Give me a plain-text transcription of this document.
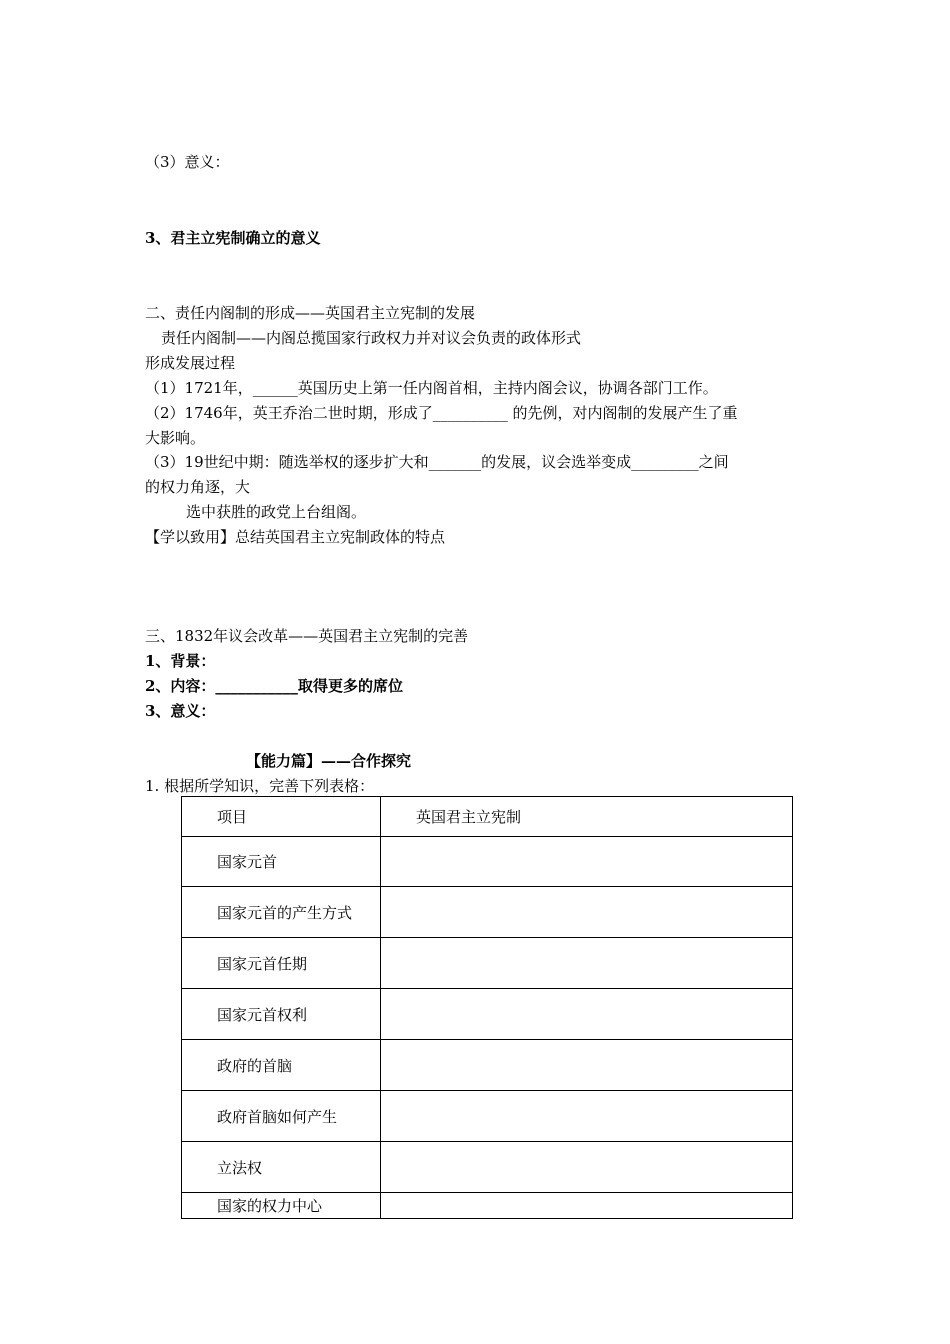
（3）意义：
3、君主立宪制确立的意义
二、责任内阁制的形成——英国君主立宪制的发展
责任内阁制——内阁总揽国家行政权力并对议会负责的政体形式
形成发展过程
（1）1721年，______英国历史上第一任内阁首相，主持内阁会议，协调各部门工作。
（2）1746年，英王乔治二世时期，形成了__________ 的先例，对内阁制的发展产生了重
大影响。
（3）19世纪中期：随选举权的逐步扩大和_______的发展，议会选举变成_________之间
的权力角逐，大
选中获胜的政党上台组阁。
【学以致用】总结英国君主立宪制政体的特点
三、1832年议会改革——英国君主立宪制的完善
1、背景：
2、内容：___________取得更多的席位
3、意义：
【能力篇】——合作探究
1. 根据所学知识，完善下列表格：
项目	英国君主立宪制
国家元首	
国家元首的产生方式	
国家元首任期	
国家元首权利	
政府的首脑	
政府首脑如何产生	
立法权	
国家的权力中心	
